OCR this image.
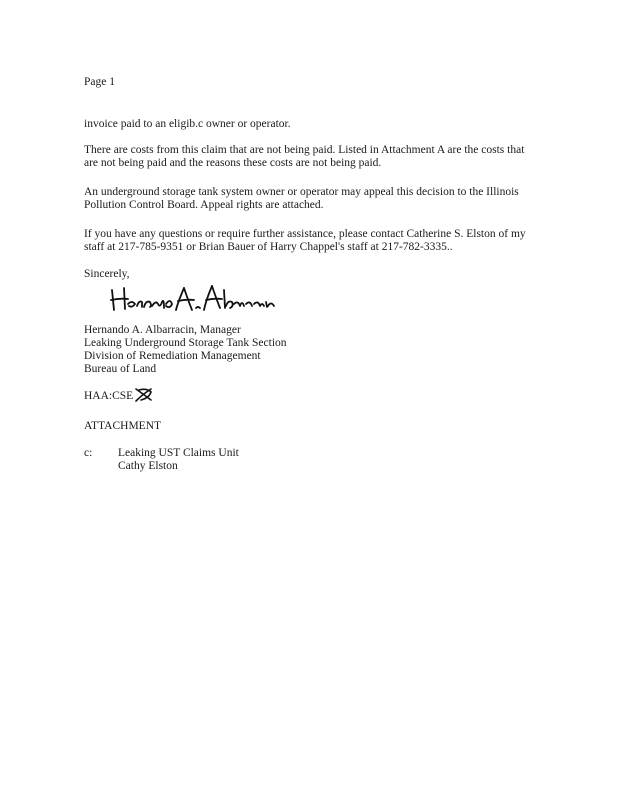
Page 1
invoice paid to an eligib.c owner or operator.
There are costs from this claim that are not being paid. Listed in Attachment A are the costs that
are not being paid and the reasons these costs are not being paid.
An underground storage tank system owner or operator may appeal this decision to the Illinois
Pollution Control Board. Appeal rights are attached.
If you have any questions or require further assistance, please contact Catherine S. Elston of my
staff at 217-785-9351 or Brian Bauer of Harry Chappel's staff at 217-782-3335..
Sincerely,
Hernando A. Albarracin, Manager
Leaking Underground Storage Tank Section
Division of Remediation Management
Bureau of Land
HAA:CSE
ATTACHMENT
c: Leaking UST Claims Unit
Cathy Elston
